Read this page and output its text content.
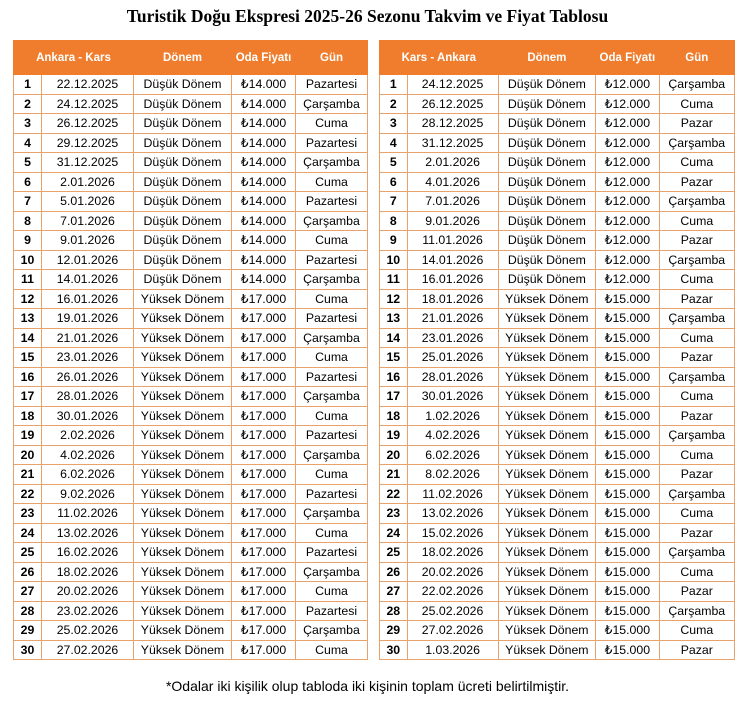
Turistik Doğu Ekspresi 2025-26 Sezonu Takvim ve Fiyat Tablosu
Ankara - Kars		Dönem	Oda Fiyatı	Gün
1	22.12.2025	Düşük Dönem	₺14.000	Pazartesi
2	24.12.2025	Düşük Dönem	₺14.000	Çarşamba
3	26.12.2025	Düşük Dönem	₺14.000	Cuma
4	29.12.2025	Düşük Dönem	₺14.000	Pazartesi
5	31.12.2025	Düşük Dönem	₺14.000	Çarşamba
6	2.01.2026	Düşük Dönem	₺14.000	Cuma
7	5.01.2026	Düşük Dönem	₺14.000	Pazartesi
8	7.01.2026	Düşük Dönem	₺14.000	Çarşamba
9	9.01.2026	Düşük Dönem	₺14.000	Cuma
10	12.01.2026	Düşük Dönem	₺14.000	Pazartesi
11	14.01.2026	Düşük Dönem	₺14.000	Çarşamba
12	16.01.2026	Yüksek Dönem	₺17.000	Cuma
13	19.01.2026	Yüksek Dönem	₺17.000	Pazartesi
14	21.01.2026	Yüksek Dönem	₺17.000	Çarşamba
15	23.01.2026	Yüksek Dönem	₺17.000	Cuma
16	26.01.2026	Yüksek Dönem	₺17.000	Pazartesi
17	28.01.2026	Yüksek Dönem	₺17.000	Çarşamba
18	30.01.2026	Yüksek Dönem	₺17.000	Cuma
19	2.02.2026	Yüksek Dönem	₺17.000	Pazartesi
20	4.02.2026	Yüksek Dönem	₺17.000	Çarşamba
21	6.02.2026	Yüksek Dönem	₺17.000	Cuma
22	9.02.2026	Yüksek Dönem	₺17.000	Pazartesi
23	11.02.2026	Yüksek Dönem	₺17.000	Çarşamba
24	13.02.2026	Yüksek Dönem	₺17.000	Cuma
25	16.02.2026	Yüksek Dönem	₺17.000	Pazartesi
26	18.02.2026	Yüksek Dönem	₺17.000	Çarşamba
27	20.02.2026	Yüksek Dönem	₺17.000	Cuma
28	23.02.2026	Yüksek Dönem	₺17.000	Pazartesi
29	25.02.2026	Yüksek Dönem	₺17.000	Çarşamba
30	27.02.2026	Yüksek Dönem	₺17.000	Cuma
Kars - Ankara		Dönem	Oda Fiyatı	Gün
1	24.12.2025	Düşük Dönem	₺12.000	Çarşamba
2	26.12.2025	Düşük Dönem	₺12.000	Cuma
3	28.12.2025	Düşük Dönem	₺12.000	Pazar
4	31.12.2025	Düşük Dönem	₺12.000	Çarşamba
5	2.01.2026	Düşük Dönem	₺12.000	Cuma
6	4.01.2026	Düşük Dönem	₺12.000	Pazar
7	7.01.2026	Düşük Dönem	₺12.000	Çarşamba
8	9.01.2026	Düşük Dönem	₺12.000	Cuma
9	11.01.2026	Düşük Dönem	₺12.000	Pazar
10	14.01.2026	Düşük Dönem	₺12.000	Çarşamba
11	16.01.2026	Düşük Dönem	₺12.000	Cuma
12	18.01.2026	Yüksek Dönem	₺15.000	Pazar
13	21.01.2026	Yüksek Dönem	₺15.000	Çarşamba
14	23.01.2026	Yüksek Dönem	₺15.000	Cuma
15	25.01.2026	Yüksek Dönem	₺15.000	Pazar
16	28.01.2026	Yüksek Dönem	₺15.000	Çarşamba
17	30.01.2026	Yüksek Dönem	₺15.000	Cuma
18	1.02.2026	Yüksek Dönem	₺15.000	Pazar
19	4.02.2026	Yüksek Dönem	₺15.000	Çarşamba
20	6.02.2026	Yüksek Dönem	₺15.000	Cuma
21	8.02.2026	Yüksek Dönem	₺15.000	Pazar
22	11.02.2026	Yüksek Dönem	₺15.000	Çarşamba
23	13.02.2026	Yüksek Dönem	₺15.000	Cuma
24	15.02.2026	Yüksek Dönem	₺15.000	Pazar
25	18.02.2026	Yüksek Dönem	₺15.000	Çarşamba
26	20.02.2026	Yüksek Dönem	₺15.000	Cuma
27	22.02.2026	Yüksek Dönem	₺15.000	Pazar
28	25.02.2026	Yüksek Dönem	₺15.000	Çarşamba
29	27.02.2026	Yüksek Dönem	₺15.000	Cuma
30	1.03.2026	Yüksek Dönem	₺15.000	Pazar
*Odalar iki kişilik olup tabloda iki kişinin toplam ücreti belirtilmiştir.
